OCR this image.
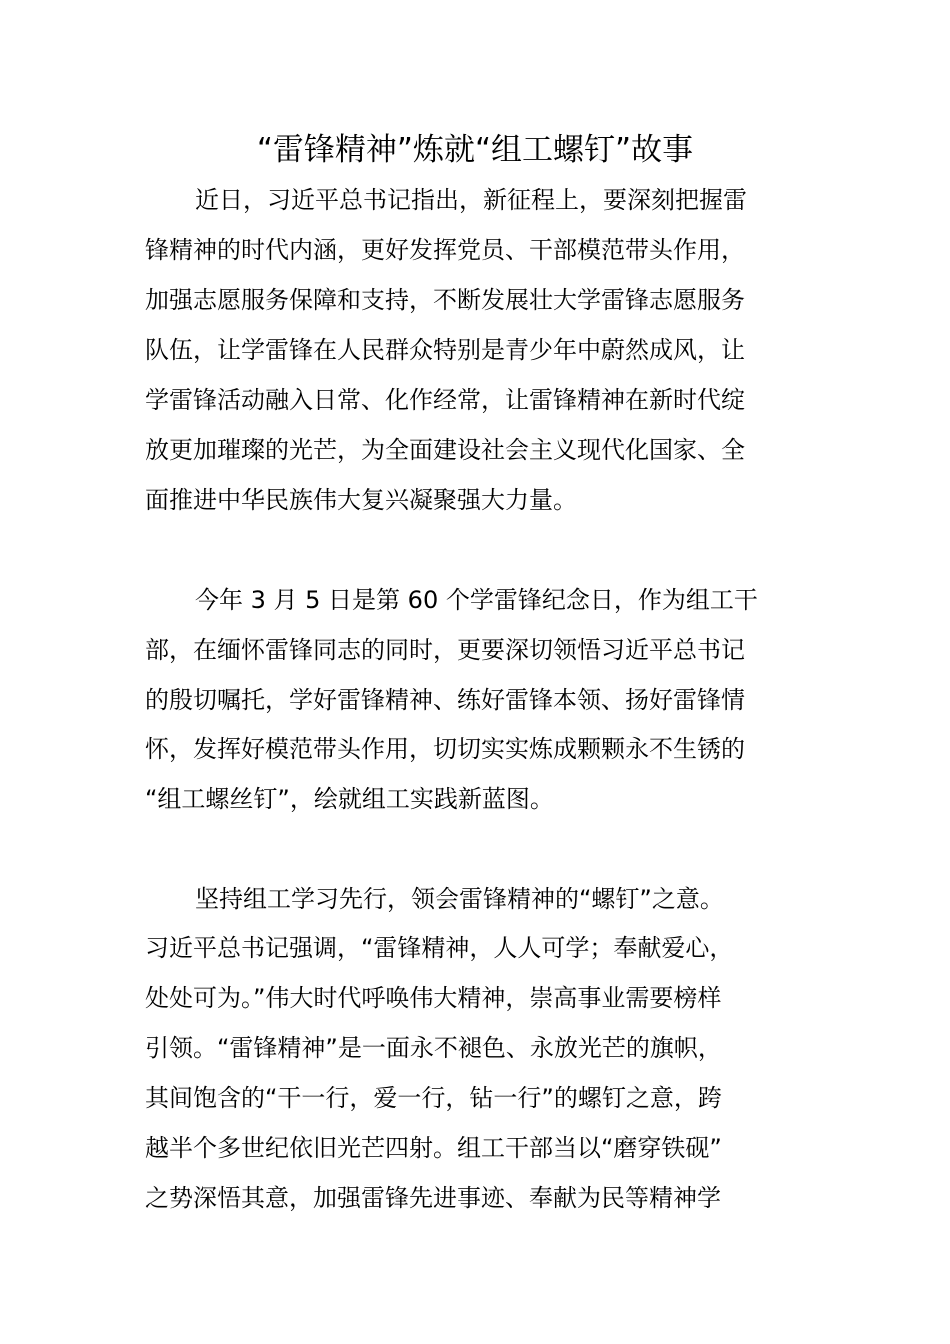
“雷锋精神”炼就“组工螺钉”故事

近日，习近平总书记指出，新征程上，要深刻把握雷

锋精神的时代内涵，更好发挥党员、干部模范带头作用，

加强志愿服务保障和支持，不断发展壮大学雷锋志愿服务

队伍，让学雷锋在人民群众特别是青少年中蔚然成风，让

学雷锋活动融入日常、化作经常，让雷锋精神在新时代绽

放更加璀璨的光芒，为全面建设社会主义现代化国家、全

面推进中华民族伟大复兴凝聚强大力量。

今年 3 月 5 日是第 60 个学雷锋纪念日，作为组工干

部，在缅怀雷锋同志的同时，更要深切领悟习近平总书记

的殷切嘱托，学好雷锋精神、练好雷锋本领、扬好雷锋情

怀，发挥好模范带头作用，切切实实炼成颗颗永不生锈的

“组工螺丝钉”，绘就组工实践新蓝图。

坚持组工学习先行，领会雷锋精神的“螺钉”之意。

习近平总书记强调，“雷锋精神，人人可学；奉献爱心，

处处可为。”伟大时代呼唤伟大精神，崇高事业需要榜样

引领。“雷锋精神”是一面永不褪色、永放光芒的旗帜，

其间饱含的“干一行，爱一行，钻一行”的螺钉之意，跨

越半个多世纪依旧光芒四射。组工干部当以“磨穿铁砚”

之势深悟其意，加强雷锋先进事迹、奉献为民等精神学
